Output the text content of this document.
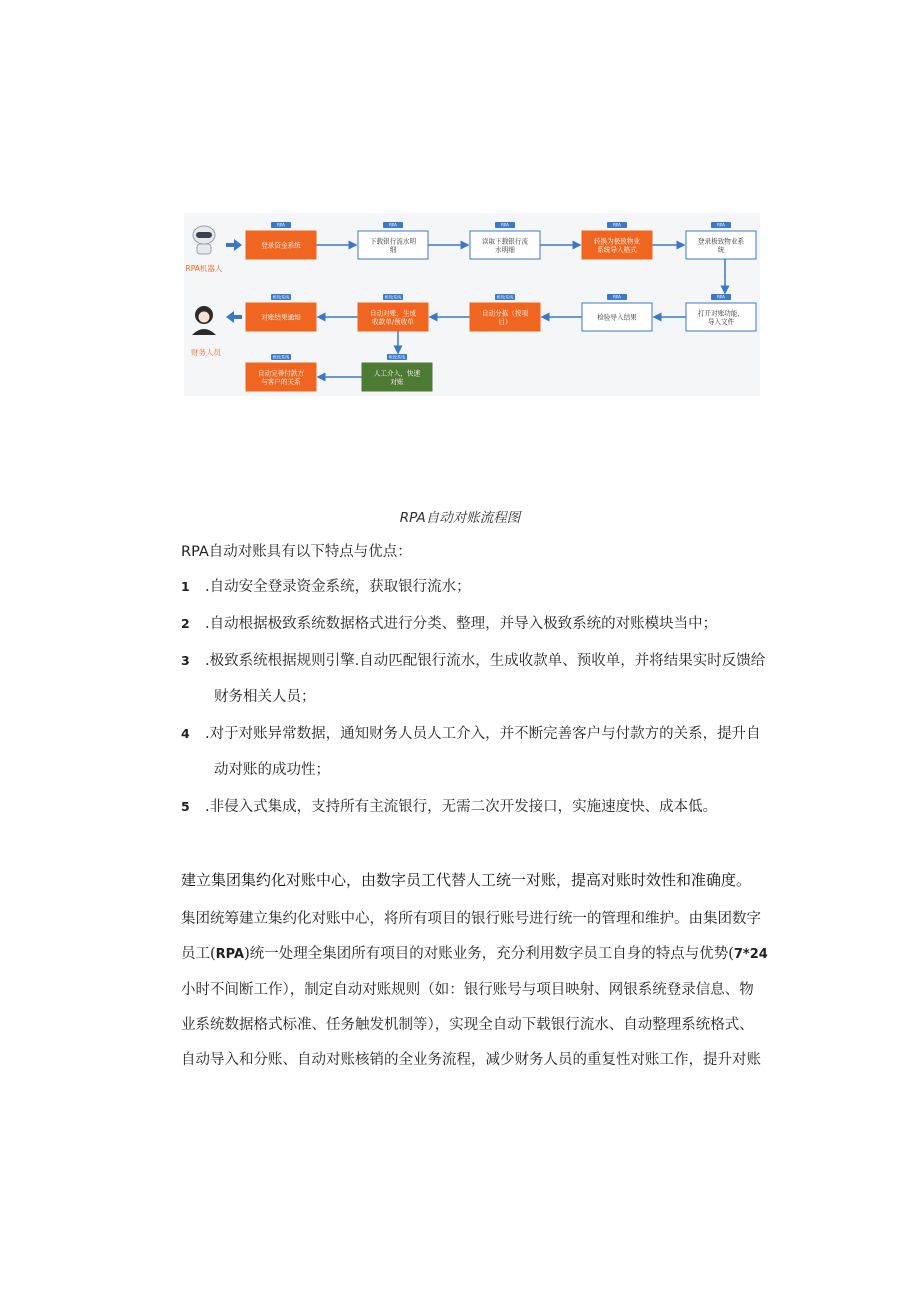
RPA机器人
财务人员
RPA
登录资金系统
RPA
下载银行流水明
细
RPA
读取下载银行流
水明细
RPA
转换为极致物业
系统导入格式
RPA
登录极致物业系
统
RPA
打开对账功能，
导入文件
RPA
检验导入结果
极致系统
自动分拣（按项
目）
极致系统
自动对账，生成
收款单/预收单
极致系统
对账结果通知
极致系统
人工介入，快速
对账
极致系统
自动完善付款方
与客户的关系
RPA自动对账流程图
RPA自动对账具有以下特点与优点：
1 .自动安全登录资金系统，获取银行流水；
2 .自动根据极致系统数据格式进行分类、整理，并导入极致系统的对账模块当中；
3 .极致系统根据规则引擎.自动匹配银行流水，生成收款单、预收单，并将结果实时反馈给
财务相关人员；
4 .对于对账异常数据，通知财务人员人工介入，并不断完善客户与付款方的关系，提升自
动对账的成功性；
5 .非侵入式集成，支持所有主流银行，无需二次开发接口，实施速度快、成本低。
建立集团集约化对账中心，由数字员工代替人工统一对账，提高对账时效性和准确度。
集团统筹建立集约化对账中心，将所有项目的银行账号进行统一的管理和维护。由集团数字
员工(RPA)统一处理全集团所有项目的对账业务，充分利用数字员工自身的特点与优势(7*24
小时不间断工作），制定自动对账规则（如：银行账号与项目映射、网银系统登录信息、物
业系统数据格式标准、任务触发机制等），实现全自动下载银行流水、自动整理系统格式、
自动导入和分账、自动对账核销的全业务流程，减少财务人员的重复性对账工作，提升对账
